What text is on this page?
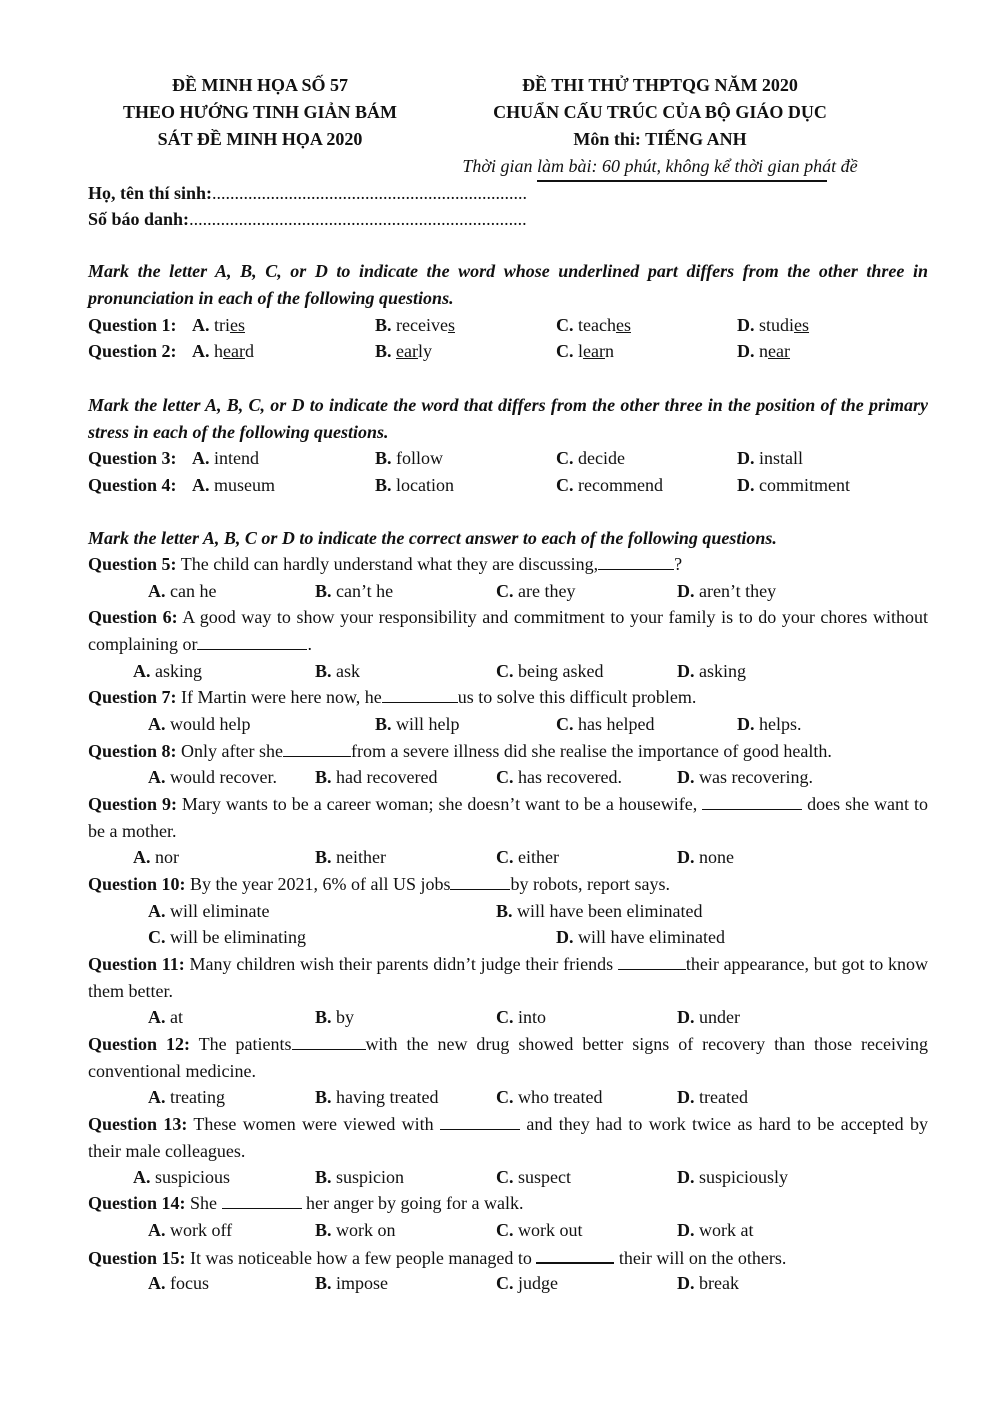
ĐỀ MINH HỌA SỐ 57
THEO HƯỚNG TINH GIẢN BÁM
SÁT ĐỀ MINH HỌA 2020
ĐỀ THI THỬ THPTQG NĂM 2020
CHUẨN CẤU TRÚC CỦA BỘ GIÁO DỤC
Môn thi: TIẾNG ANH
Thời gian làm bài: 60 phút, không kể thời gian phát đề
Họ, tên thí sinh:......................................................................
Số báo danh:...........................................................................
Mark the letter A, B, C, or D to indicate the word whose underlined part differs from the other three in pronunciation in each of the following questions.
Question 1: A. tries	B. receives	C. teaches	D. studies
Question 2: A. heard	B. early	C. learn	D. near
Mark the letter A, B, C, or D to indicate the word that differs from the other three in the position of the primary stress in each of the following questions.
Question 3: A. intend	B. follow	C. decide	D. install
Question 4: A. museum	B. location	C. recommend	D. commitment
Mark the letter A, B, C or D to indicate the correct answer to each of the following questions.
Question 5: The child can hardly understand what they are discussing,	?
A. can he	B. can’t he	C. are they	D. aren’t they
Question 6: A good way to show your responsibility and commitment to your family is to do your chores without complaining or	.
A. asking	B. ask	C. being asked	D. asking
Question 7: If Martin were here now, he	us to solve this difficult problem.
A. would help	B. will help	C. has helped	D. helps.
Question 8: Only after she	from a severe illness did she realise the importance of good health.
A. would recover. B. had recovered	C. has recovered.	D. was recovering.
Question 9: Mary wants to be a career woman; she doesn’t want to be a housewife,	does she want to be a mother.
A. nor	B. neither	C. either	D. none
Question 10: By the year 2021, 6% of all US jobs	by robots, report says.
A. will eliminate	B. will have been eliminated
C. will be eliminating	D. will have eliminated
Question 11: Many children wish their parents didn’t judge their friends	their appearance, but got to know them better.
A. at	B. by	C. into	D. under
Question 12: The patients	with the new drug showed better signs of recovery than those receiving conventional medicine.
A. treating	B. having treated	C. who treated	D. treated
Question 13: These women were viewed with	and they had to work twice as hard to be accepted by their male colleagues.
A. suspicious	B. suspicion	C. suspect	D. suspiciously
Question 14: She	her anger by going for a walk.
A. work off	B. work on	C. work out	D. work at
Question 15: It was noticeable how a few people managed to	their will on the others.
A. focus	B. impose	C. judge	D. break
